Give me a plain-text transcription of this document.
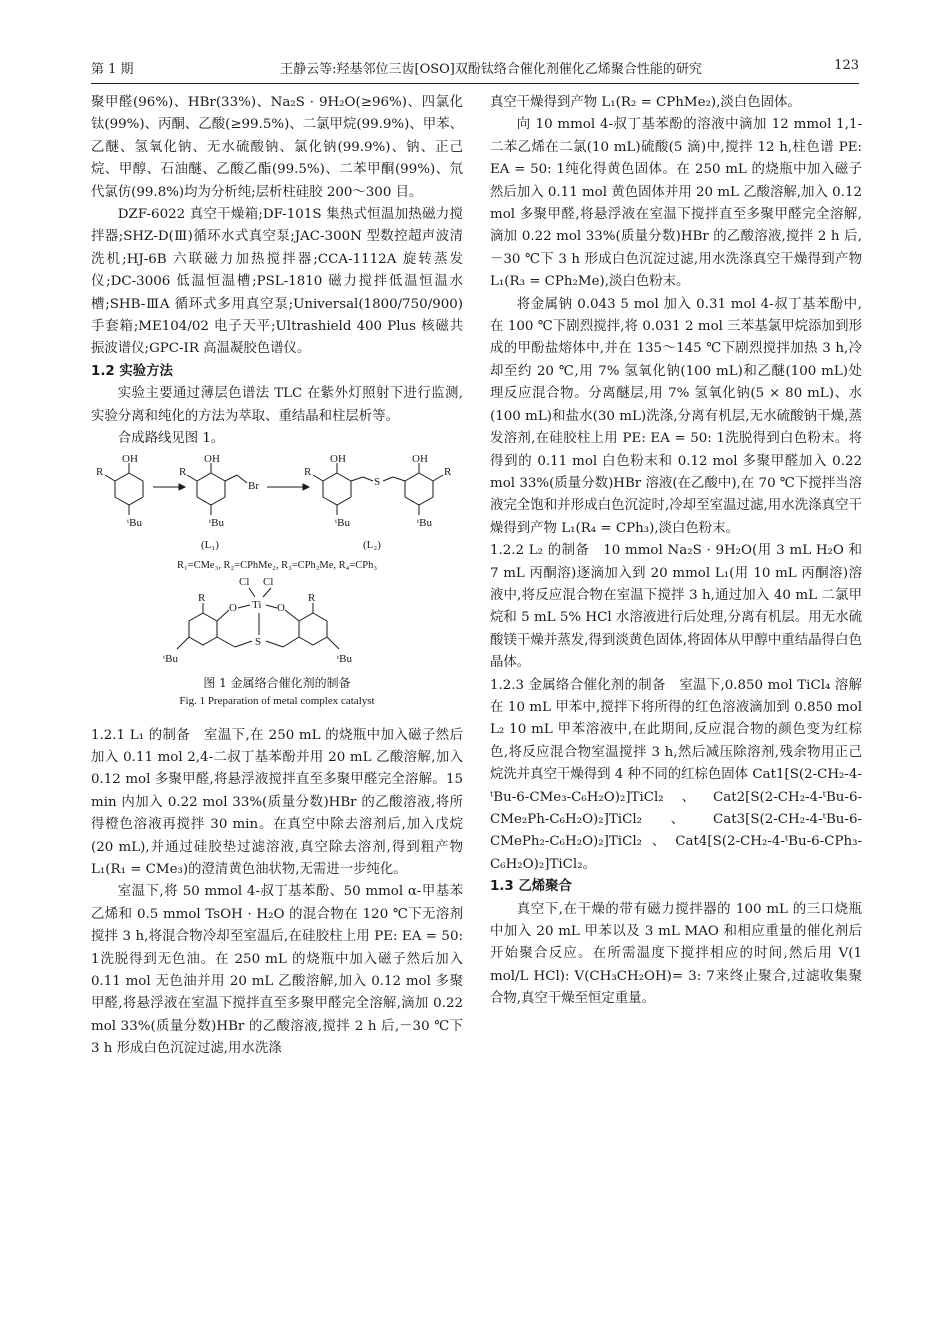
第 1 期	王静云等:羟基邻位三齿[OSO]双酚钛络合催化剂催化乙烯聚合性能的研究	123

聚甲醛(96%)、HBr(33%)、Na₂S · 9H₂O(≥96%)、四氯化钛(99%)、丙酮、乙酸(≥99.5%)、二氯甲烷(99.9%)、甲苯、乙醚、氢氧化钠、无水硫酸钠、氯化钠(99.9%)、钠、正己烷、甲醇、石油醚、乙酸乙酯(99.5%)、二苯甲酮(99%)、氘代氯仿(99.8%)均为分析纯;层析柱硅胶 200～300 目。

DZF-6022 真空干燥箱;DF-101S 集热式恒温加热磁力搅拌器;SHZ-D(Ⅲ)循环水式真空泵;JAC-300N 型数控超声波清洗机;HJ-6B 六联磁力加热搅拌器;CCA-1112A 旋转蒸发仪;DC-3006 低温恒温槽;PSL-1810 磁力搅拌低温恒温水槽;SHB-ⅢA 循环式多用真空泵;Universal(1800/750/900)手套箱;ME104/02 电子天平;Ultrashield 400 Plus 核磁共振波谱仪;GPC-IR 高温凝胶色谱仪。

1.2 实验方法

实验主要通过薄层色谱法 TLC 在紫外灯照射下进行监测,实验分离和纯化的方法为萃取、重结晶和柱层析等。

合成路线见图 1。

OH
R
ᵗBu
OH
R
Br
ᵗBu
(L₁)
OH	OH
R	R
S
ᵗBu	ᵗBu
(L₂)
R₁=CMe₃, R₂=CPhMe₂, R₃=CPh₂Me, R₄=CPh₃
Cl Cl
Ti
O	O
S
R	R
ᵗBu	ᵗBu
图 1 金属络合催化剂的制备
Fig. 1 Preparation of metal complex catalyst

1.2.1 L₁ 的制备　 室温下,在 250 mL 的烧瓶中加入磁子然后加入 0.11 mol 2,4-二叔丁基苯酚并用 20 mL 乙酸溶解,加入 0.12 mol 多聚甲醛,将悬浮液搅拌直至多聚甲醛完全溶解。15 min 内加入 0.22 mol 33%(质量分数)HBr 的乙酸溶液,将所得橙色溶液再搅拌 30 min。在真空中除去溶剂后,加入戊烷(20 mL),并通过硅胶垫过滤溶液,真空除去溶剂,得到粗产物 L₁(R₁ = CMe₃)的澄清黄色油状物,无需进一步纯化。

室温下,将 50 mmol 4-叔丁基苯酚、50 mmol α-甲基苯乙烯和 0.5 mmol TsOH · H₂O 的混合物在 120 ℃下无溶剂搅拌 3 h,将混合物冷却至室温后,在硅胶柱上用 PE: EA = 50: 1洗脱得到无色油。在 250 mL 的烧瓶中加入磁子然后加入 0.11 mol 无色油并用 20 mL 乙酸溶解,加入 0.12 mol 多聚甲醛,将悬浮液在室温下搅拌直至多聚甲醛完全溶解,滴加 0.22 mol 33%(质量分数)HBr 的乙酸溶液,搅拌 2 h 后,－30 ℃下 3 h 形成白色沉淀过滤,用水洗涤

真空干燥得到产物 L₁(R₂ = CPhMe₂),淡白色固体。

向 10 mmol 4-叔丁基苯酚的溶液中滴加 12 mmol 1,1-二苯乙烯在二氯(10 mL)硫酸(5 滴)中,搅拌 12 h,柱色谱 PE: EA = 50: 1纯化得黄色固体。在 250 mL 的烧瓶中加入磁子然后加入 0.11 mol 黄色固体并用 20 mL 乙酸溶解,加入 0.12 mol 多聚甲醛,将悬浮液在室温下搅拌直至多聚甲醛完全溶解,滴加 0.22 mol 33%(质量分数)HBr 的乙酸溶液,搅拌 2 h 后,－30 ℃下 3 h 形成白色沉淀过滤,用水洗涤真空干燥得到产物 L₁(R₃ = CPh₂Me),淡白色粉末。

将金属钠 0.043 5 mol 加入 0.31 mol 4-叔丁基苯酚中,在 100 ℃下剧烈搅拌,将 0.031 2 mol 三苯基氯甲烷添加到形成的甲酚盐熔体中,并在 135～145 ℃下剧烈搅拌加热 3 h,冷却至约 20 ℃,用 7% 氢氧化钠(100 mL)和乙醚(100 mL)处理反应混合物。分离醚层,用 7% 氢氧化钠(5 × 80 mL)、水(100 mL)和盐水(30 mL)洗涤,分离有机层,无水硫酸钠干燥,蒸发溶剂,在硅胶柱上用 PE: EA = 50: 1洗脱得到白色粉末。将得到的 0.11 mol 白色粉末和 0.12 mol 多聚甲醛加入 0.22 mol 33%(质量分数)HBr 溶液(在乙酸中),在 70 ℃下搅拌当溶液完全饱和并形成白色沉淀时,冷却至室温过滤,用水洗涤真空干燥得到产物 L₁(R₄ = CPh₃),淡白色粉末。

1.2.2 L₂ 的制备　 10 mmol Na₂S · 9H₂O(用 3 mL H₂O 和 7 mL 丙酮溶)逐滴加入到 20 mmol L₁(用 10 mL 丙酮溶)溶液中,将反应混合物在室温下搅拌 3 h,通过加入 40 mL 二氯甲烷和 5 mL 5% HCl 水溶液进行后处理,分离有机层。用无水硫酸镁干燥并蒸发,得到淡黄色固体,将固体从甲醇中重结晶得白色晶体。

1.2.3 金属络合催化剂的制备　 室温下,0.850 mol TiCl₄ 溶解在 10 mL 甲苯中,搅拌下将所得的红色溶液滴加到 0.850 mol L₂ 10 mL 甲苯溶液中,在此期间,反应混合物的颜色变为红棕色,将反应混合物室温搅拌 3 h,然后减压除溶剂,残余物用正己烷洗并真空干燥得到 4 种不同的红棕色固体 Cat1[S(2-CH₂-4-ᵗBu-6-CMe₃-C₆H₂O)₂]TiCl₂、Cat2[S(2-CH₂-4-ᵗBu-6-CMe₂Ph-C₆H₂O)₂]TiCl₂、Cat3[S(2-CH₂-4-ᵗBu-6-CMePh₂-C₆H₂O)₂]TiCl₂、Cat4[S(2-CH₂-4-ᵗBu-6-CPh₃-C₆H₂O)₂]TiCl₂。

1.3 乙烯聚合

真空下,在干燥的带有磁力搅拌器的 100 mL 的三口烧瓶中加入 20 mL 甲苯以及 3 mL MAO 和相应重量的催化剂后开始聚合反应。在所需温度下搅拌相应的时间,然后用 V(1 mol/L HCl): V(CH₃CH₂OH)= 3: 7来终止聚合,过滤收集聚合物,真空干燥至恒定重量。
